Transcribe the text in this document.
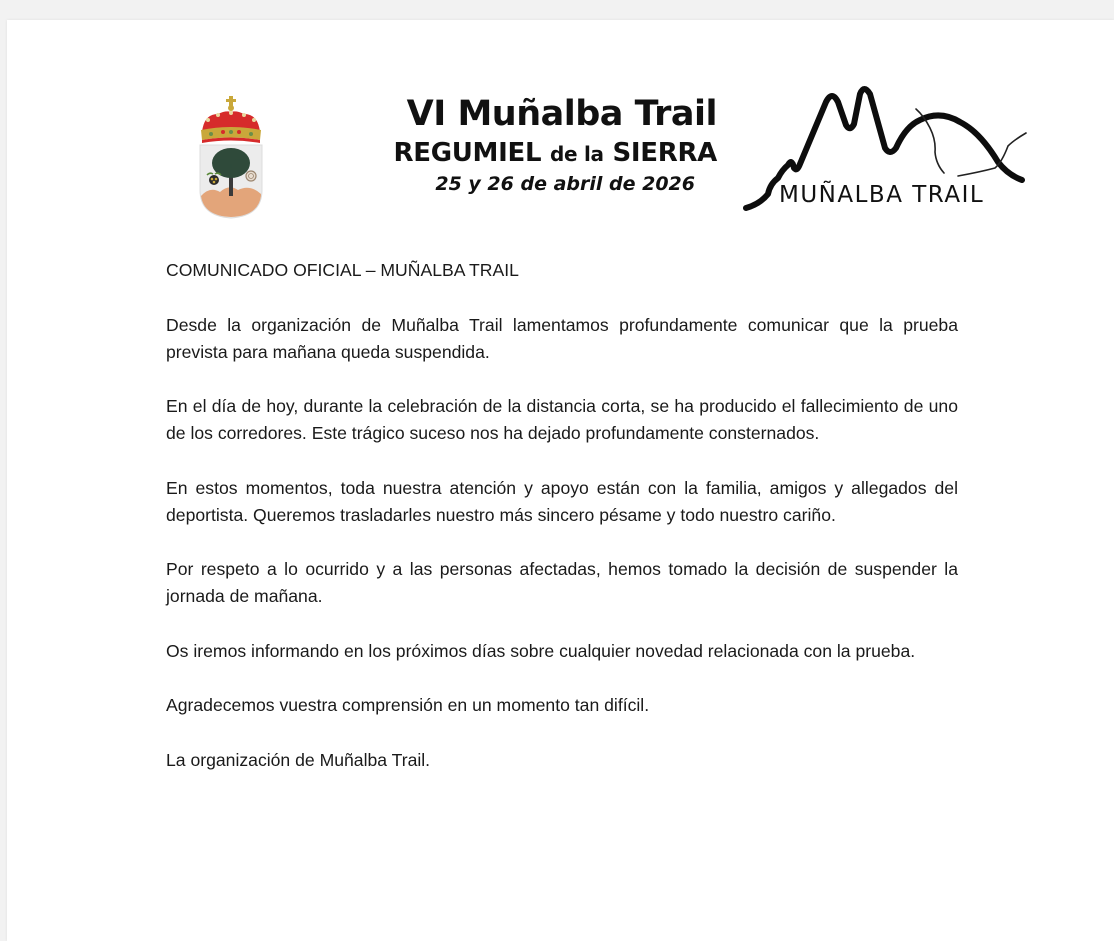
VI Muñalba Trail

REGUMIEL de la SIERRA

25 y 26 de abril de 2026	MUÑALBA TRAIL

COMUNICADO OFICIAL – MUÑALBA TRAIL

Desde la organización de Muñalba Trail lamentamos profundamente comunicar que la prueba prevista para mañana queda suspendida.

En el día de hoy, durante la celebración de la distancia corta, se ha producido el fallecimiento de uno de los corredores. Este trágico suceso nos ha dejado profundamente consternados.

En estos momentos, toda nuestra atención y apoyo están con la familia, amigos y allegados del deportista. Queremos trasladarles nuestro más sincero pésame y todo nuestro cariño.

Por respeto a lo ocurrido y a las personas afectadas, hemos tomado la decisión de suspender la jornada de mañana.

Os iremos informando en los próximos días sobre cualquier novedad relacionada con la prueba.

Agradecemos vuestra comprensión en un momento tan difícil.

La organización de Muñalba Trail.
